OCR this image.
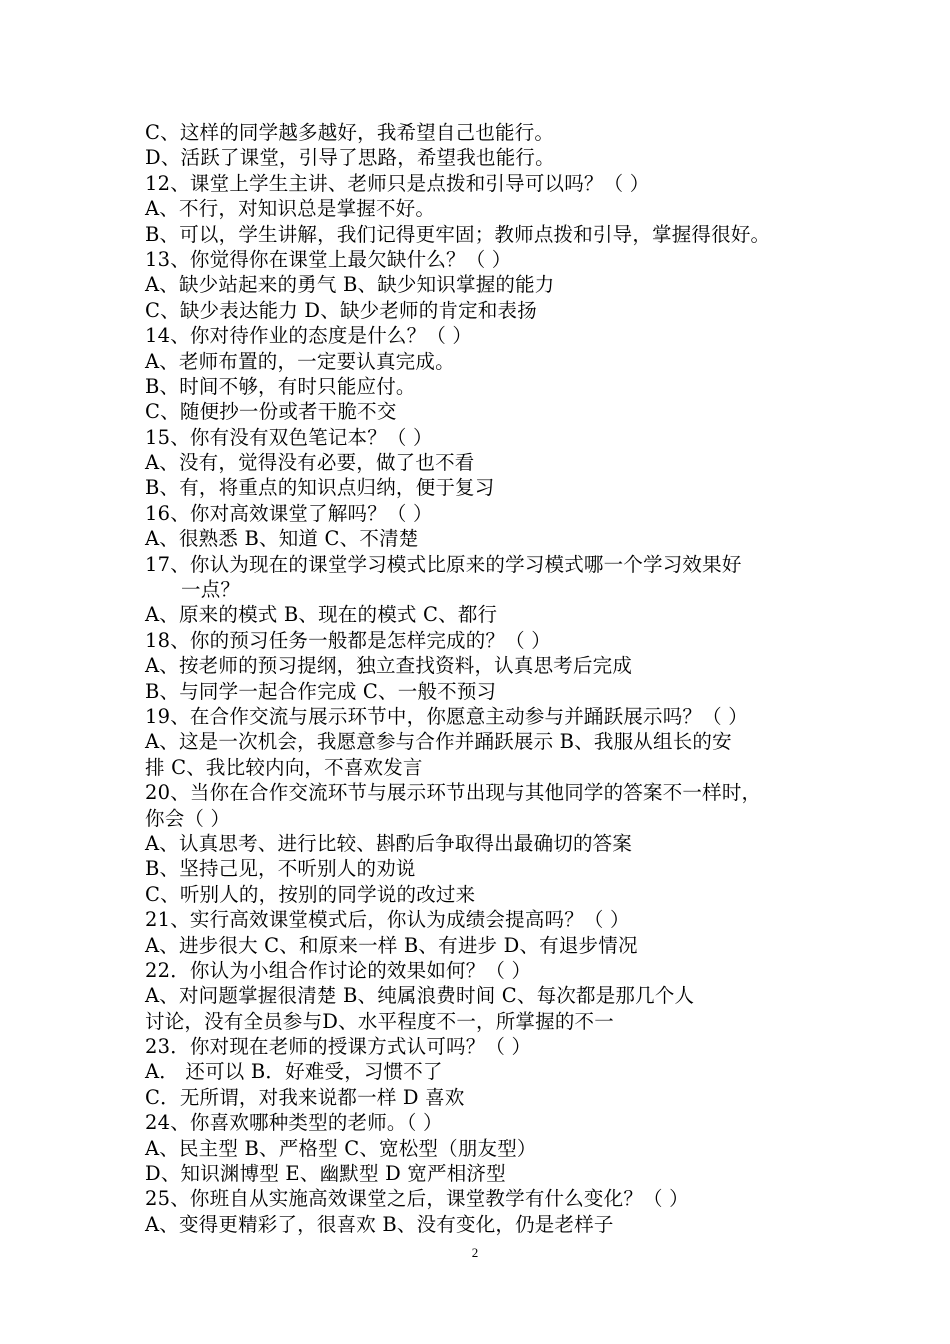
C、这样的同学越多越好，我希望自己也能行。
D、活跃了课堂，引导了思路，希望我也能行。
12、课堂上学生主讲、老师只是点拨和引导可以吗？（ ）
A、不行，对知识总是掌握不好。
B、可以，学生讲解，我们记得更牢固；教师点拨和引导，掌握得很好。
13、你觉得你在课堂上最欠缺什么？（ ）
A、缺少站起来的勇气 B、缺少知识掌握的能力
C、缺少表达能力 D、缺少老师的肯定和表扬
14、你对待作业的态度是什么？（ ）
A、老师布置的，一定要认真完成。
B、时间不够，有时只能应付。
C、随便抄一份或者干脆不交
15、你有没有双色笔记本？（ ）
A、没有，觉得没有必要，做了也不看
B、有，将重点的知识点归纳，便于复习
16、你对高效课堂了解吗？（ ）
A、很熟悉 B、知道 C、不清楚
17、你认为现在的课堂学习模式比原来的学习模式哪一个学习效果好
一点？
A、原来的模式 B、现在的模式 C、都行
18、你的预习任务一般都是怎样完成的？（ ）
A、按老师的预习提纲，独立查找资料，认真思考后完成
B、与同学一起合作完成 C、一般不预习
19、在合作交流与展示环节中，你愿意主动参与并踊跃展示吗？（ ）
A、这是一次机会，我愿意参与合作并踊跃展示 B、我服从组长的安
排 C、我比较内向，不喜欢发言
20、当你在合作交流环节与展示环节出现与其他同学的答案不一样时，
你会（ ）
A、认真思考、进行比较、斟酌后争取得出最确切的答案
B、坚持己见，不听别人的劝说
C、听别人的，按别的同学说的改过来
21、实行高效课堂模式后，你认为成绩会提高吗？（ ）
A、进步很大 C、和原来一样 B、有进步 D、有退步情况
22．你认为小组合作讨论的效果如何？（ ）
A、对问题掌握很清楚 B、纯属浪费时间 C、每次都是那几个人
讨论，没有全员参与D、水平程度不一，所掌握的不一
23．你对现在老师的授课方式认可吗？（ ）
A． 还可以 B．好难受，习惯不了
C．无所谓，对我来说都一样 D 喜欢
24、你喜欢哪种类型的老师。（ ）
A、民主型 B、严格型 C、宽松型（朋友型）
D、知识渊博型 E、幽默型 D 宽严相济型
25、你班自从实施高效课堂之后，课堂教学有什么变化？（ ）
A、变得更精彩了，很喜欢 B、没有变化，仍是老样子
2
